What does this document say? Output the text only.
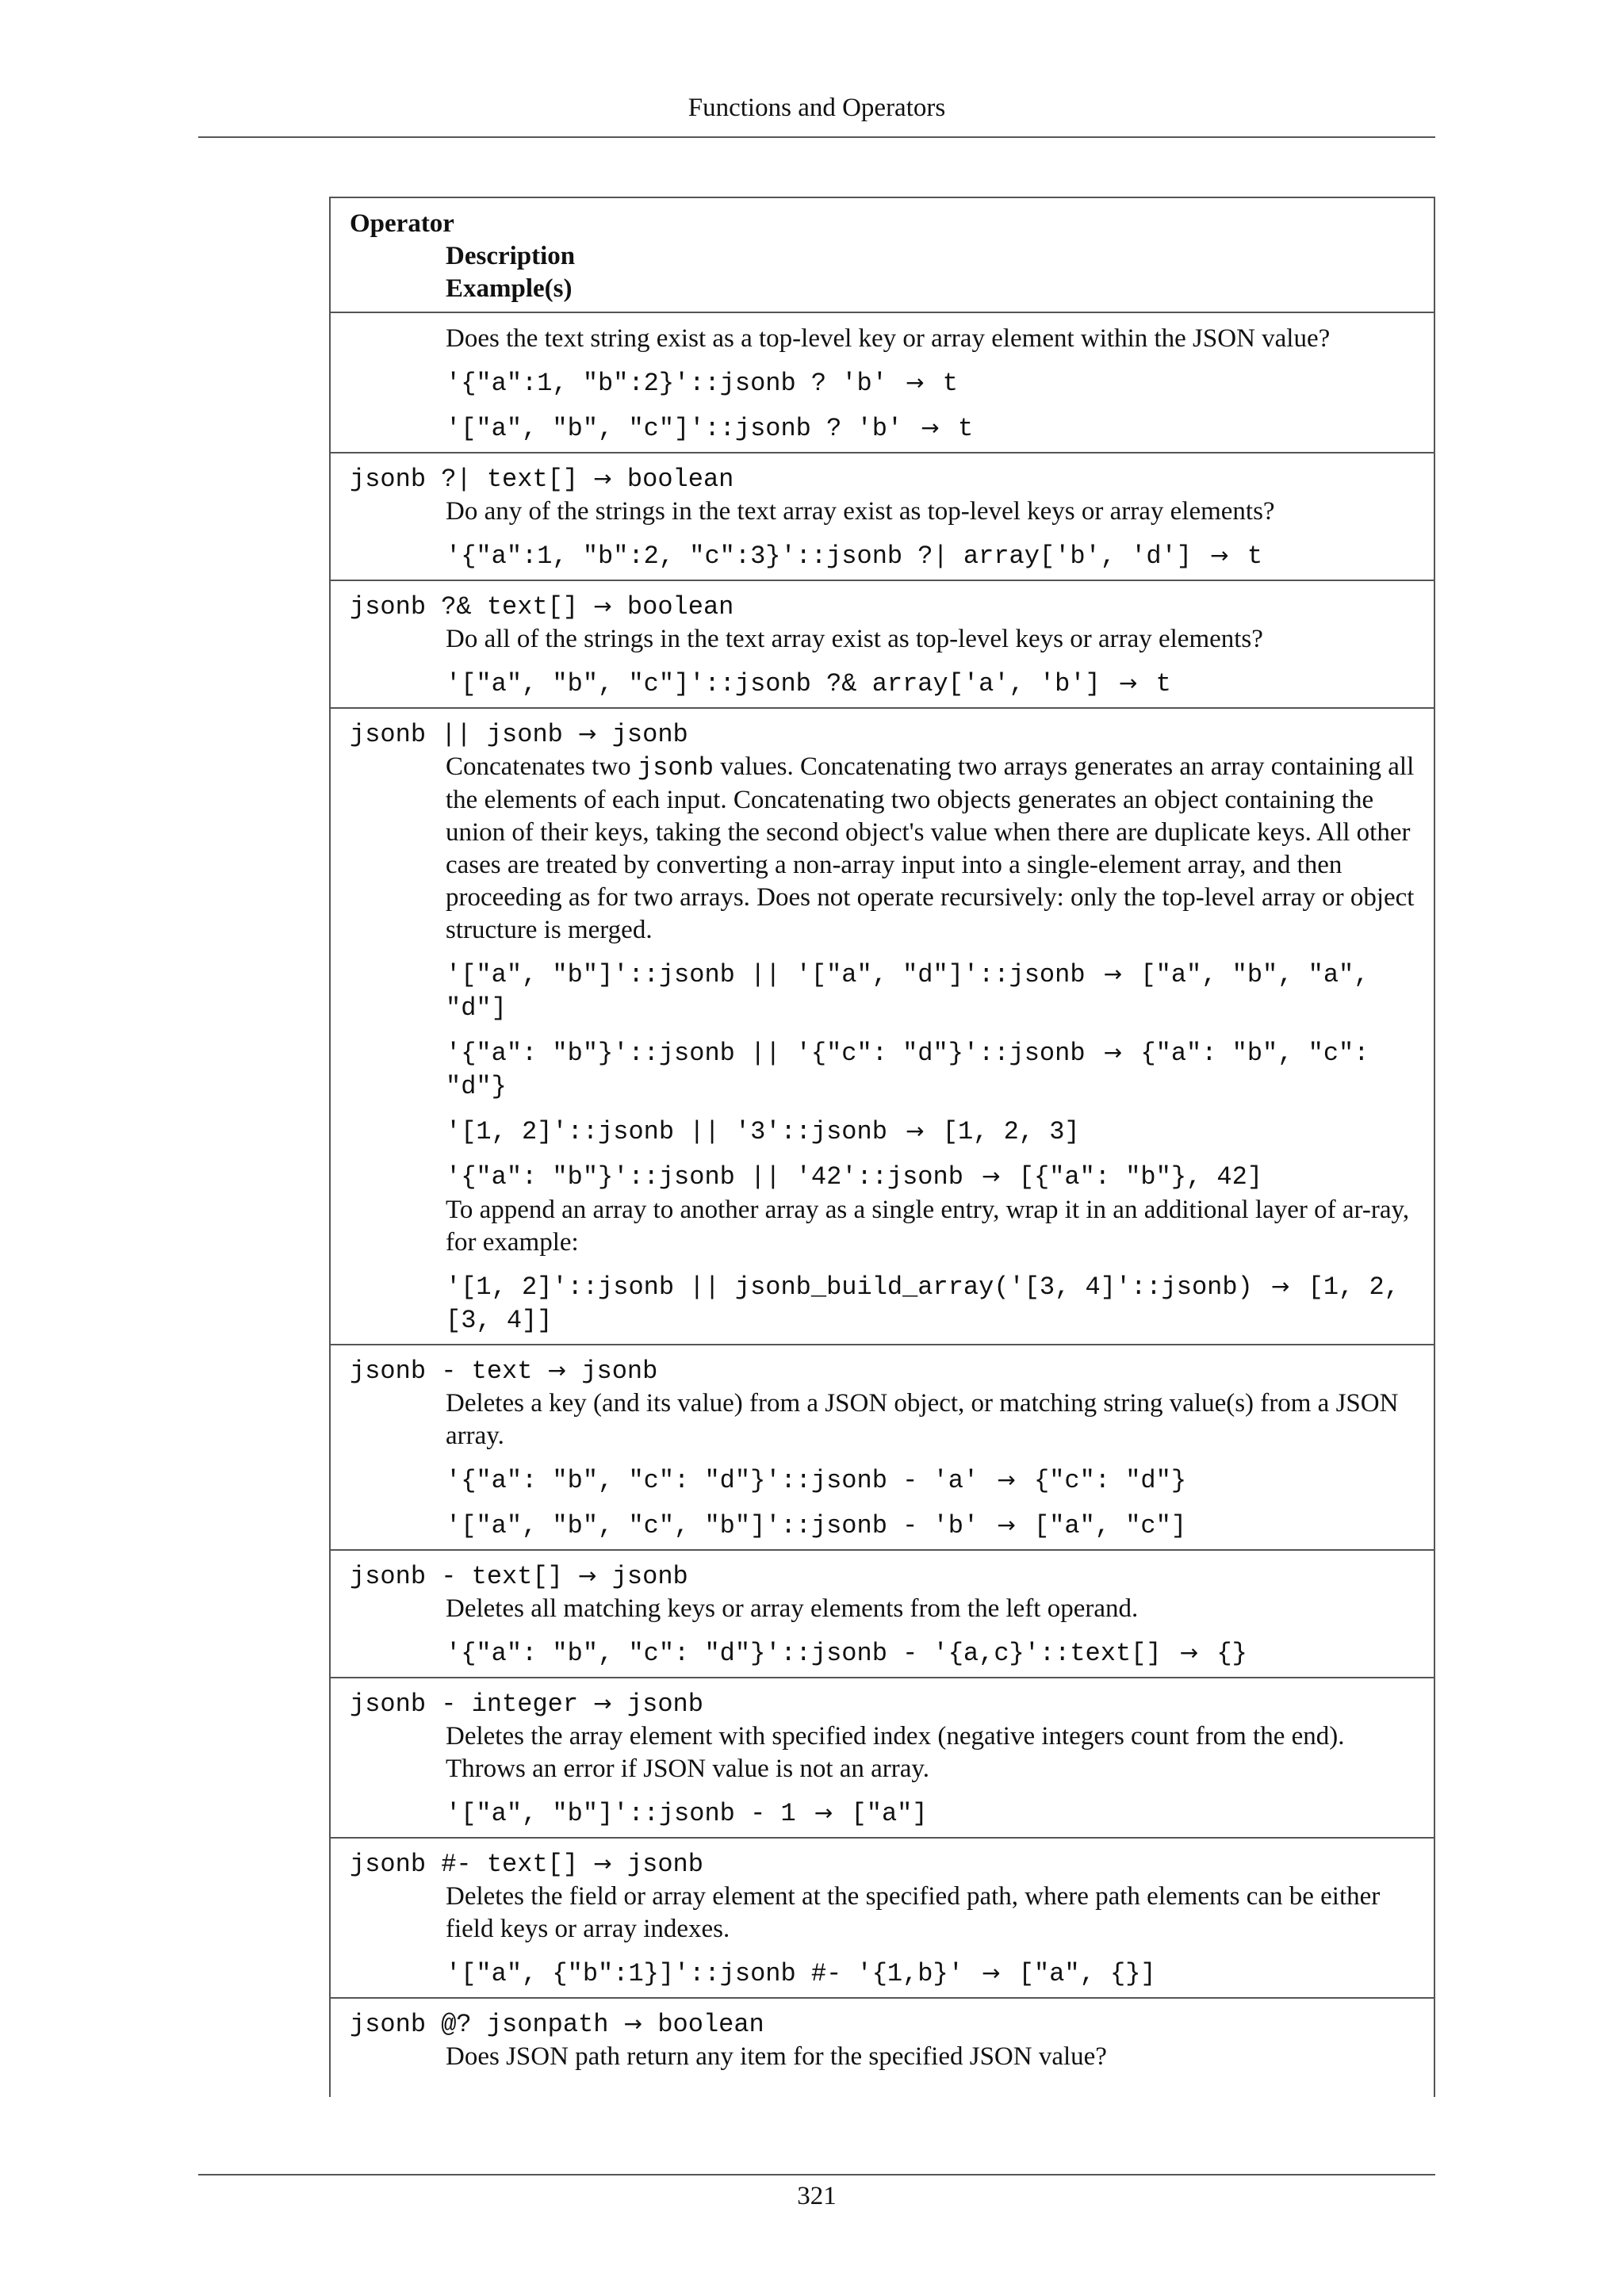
Functions and Operators
Operator
Description
Example(s)

Does the text string exist as a top-level key or array element within the JSON value?
'{"a":1, "b":2}'::jsonb ? 'b' → t
'["a", "b", "c"]'::jsonb ? 'b' → t

jsonb ?| text[] → boolean
Do any of the strings in the text array exist as top-level keys or array elements?
'{"a":1, "b":2, "c":3}'::jsonb ?| array['b', 'd'] → t

jsonb ?& text[] → boolean
Do all of the strings in the text array exist as top-level keys or array elements?
'["a", "b", "c"]'::jsonb ?& array['a', 'b'] → t

jsonb || jsonb → jsonb
Concatenates two jsonb values. Concatenating two arrays generates an array containing all the elements of each input. Concatenating two objects generates an object containing the union of their keys, taking the second object's value when there are duplicate keys. All other cases are treated by converting a non-array input into a single-element array, and then proceeding as for two arrays. Does not operate recursively: only the top-level array or object structure is merged.
'["a", "b"]'::jsonb || '["a", "d"]'::jsonb → ["a", "b", "a", "d"]
'{"a": "b"}'::jsonb || '{"c": "d"}'::jsonb → {"a": "b", "c": "d"}
'[1, 2]'::jsonb || '3'::jsonb → [1, 2, 3]
'{"a": "b"}'::jsonb || '42'::jsonb → [{"a": "b"}, 42]
To append an array to another array as a single entry, wrap it in an additional layer of ar-ray, for example:
'[1, 2]'::jsonb || jsonb_build_array('[3, 4]'::jsonb) → [1, 2, [3, 4]]

jsonb - text → jsonb
Deletes a key (and its value) from a JSON object, or matching string value(s) from a JSON array.
'{"a": "b", "c": "d"}'::jsonb - 'a' → {"c": "d"}
'["a", "b", "c", "b"]'::jsonb - 'b' → ["a", "c"]

jsonb - text[] → jsonb
Deletes all matching keys or array elements from the left operand.
'{"a": "b", "c": "d"}'::jsonb - '{a,c}'::text[] → {}

jsonb - integer → jsonb
Deletes the array element with specified index (negative integers count from the end). Throws an error if JSON value is not an array.
'["a", "b"]'::jsonb - 1 → ["a"]

jsonb #- text[] → jsonb
Deletes the field or array element at the specified path, where path elements can be either field keys or array indexes.
'["a", {"b":1}]'::jsonb #- '{1,b}' → ["a", {}]

jsonb @? jsonpath → boolean
Does JSON path return any item for the specified JSON value?
321
